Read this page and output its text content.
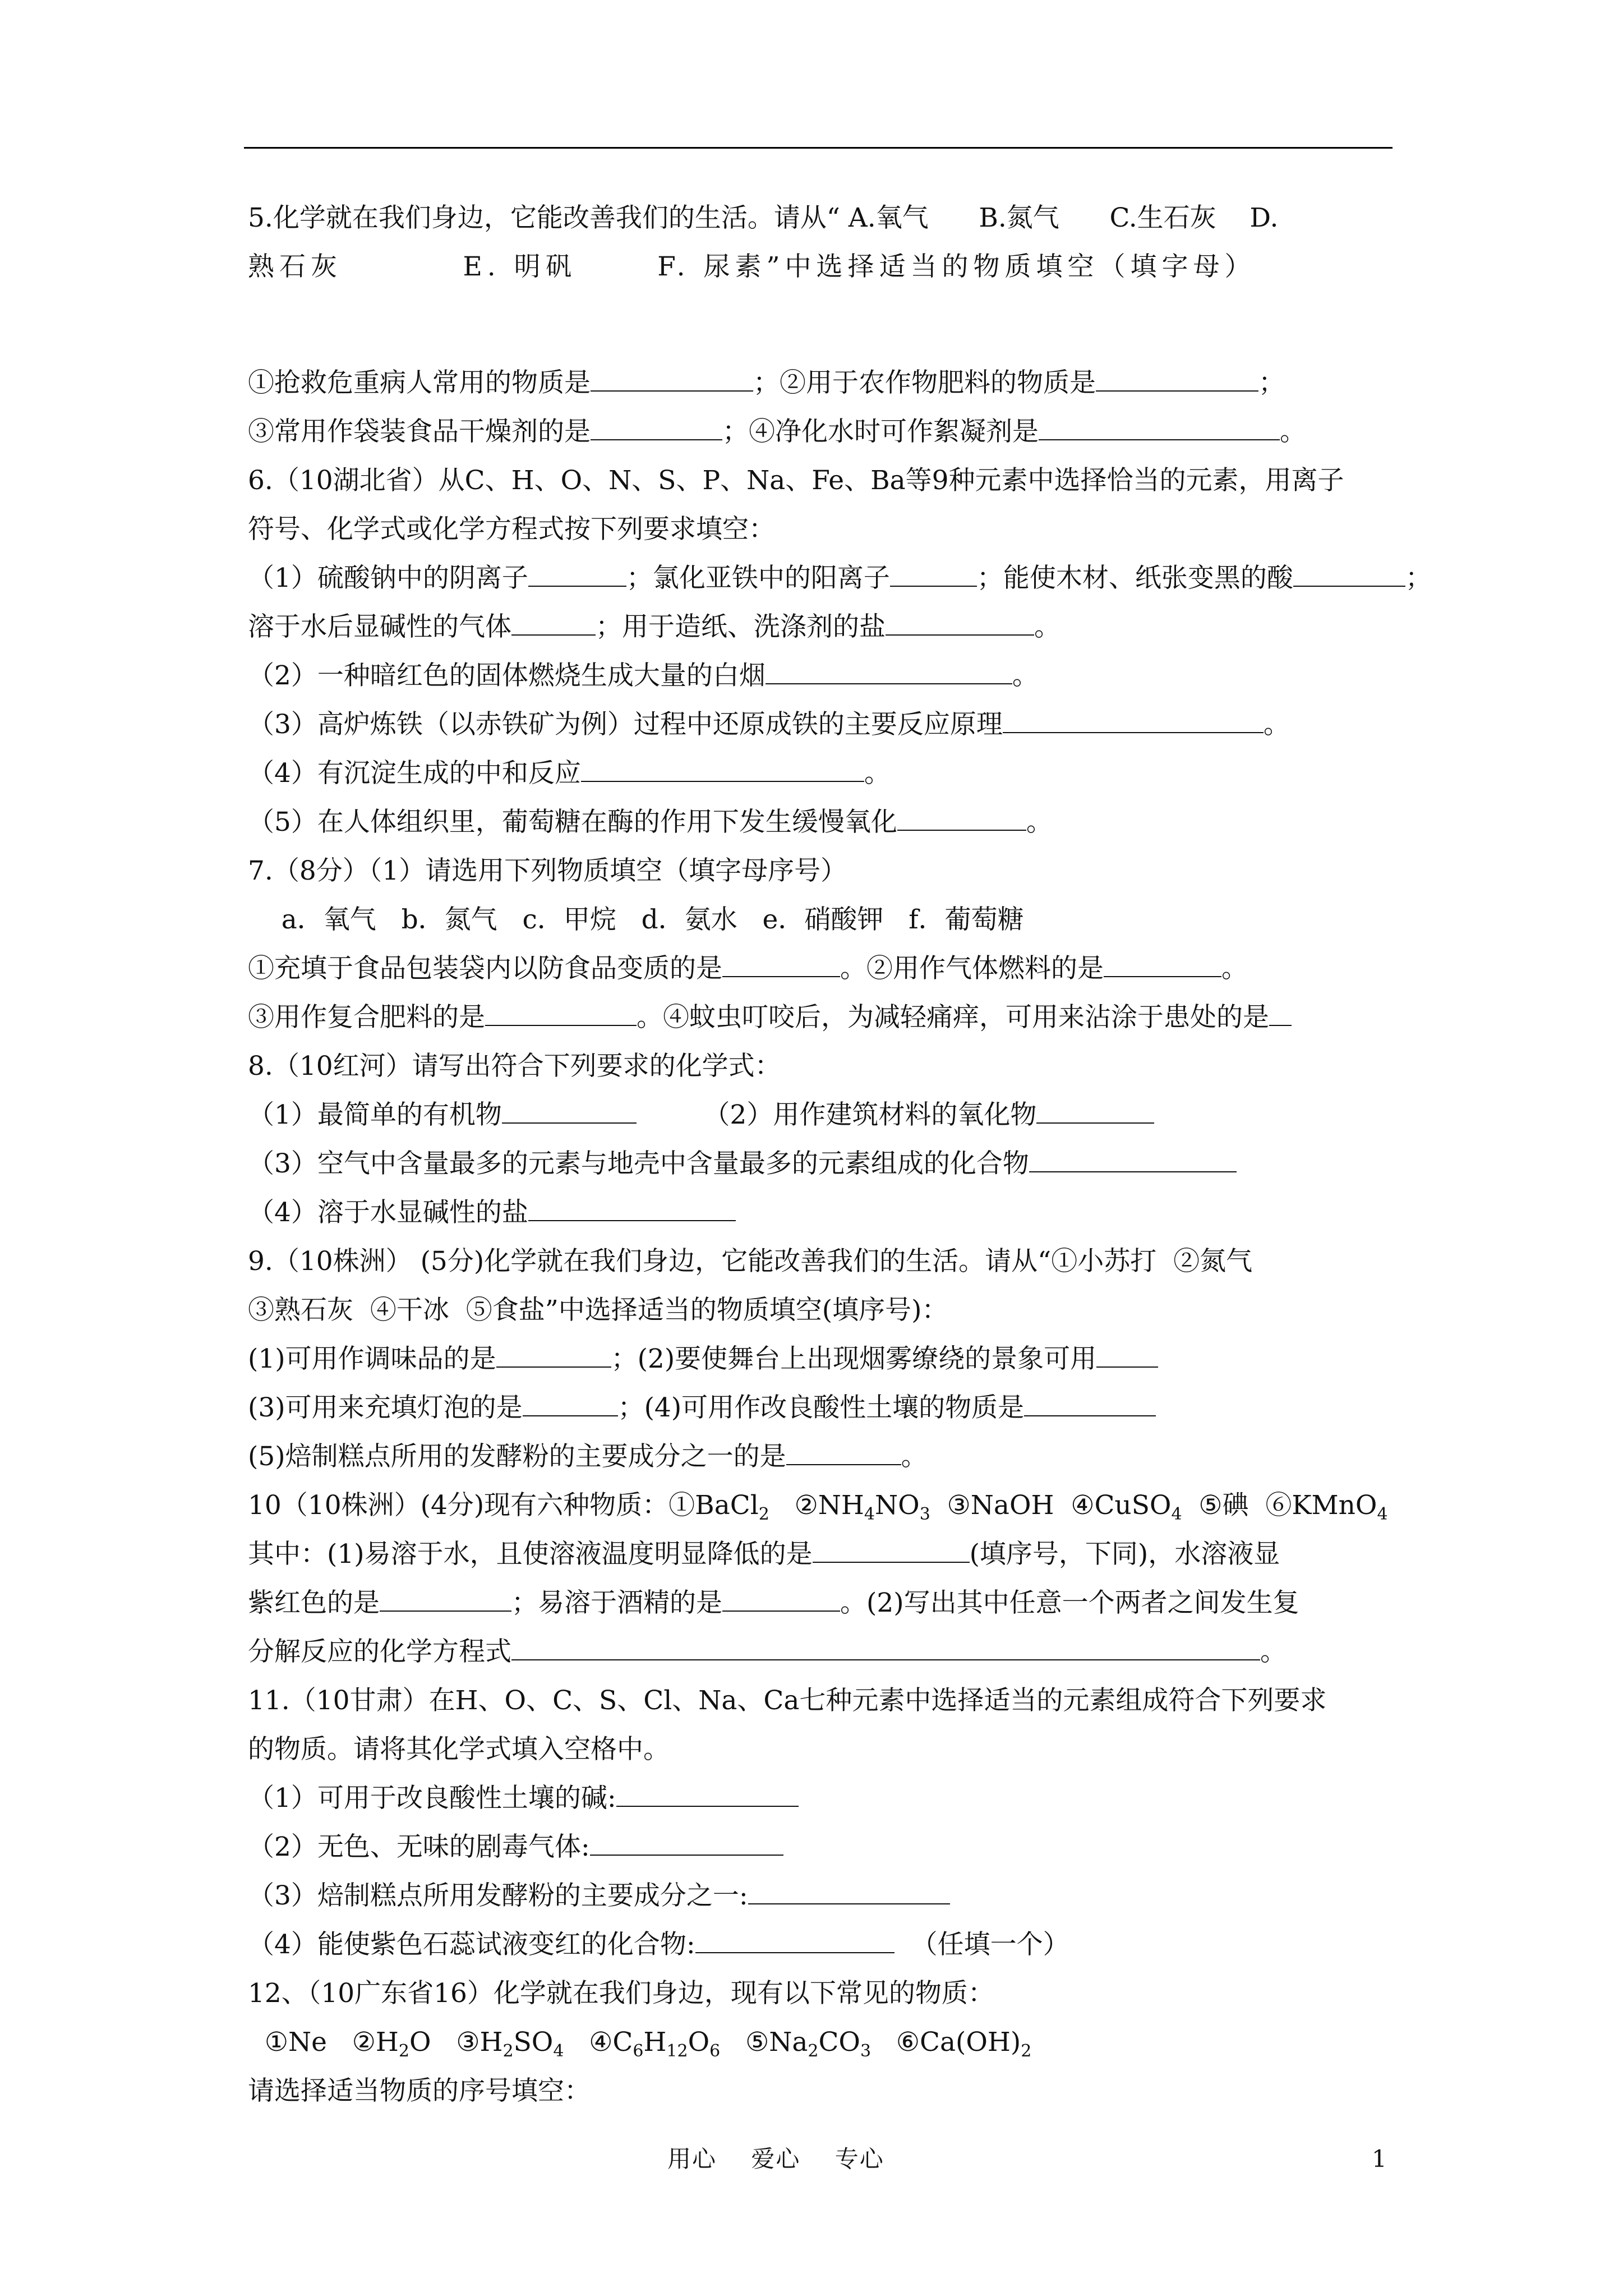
5.化学就在我们身边，它能改善我们的生活。请从“ A.氧气      B.氮气      C.生石灰    D.
熟石灰         E. 明矾      F. 尿素”中选择适当的物质填空（填字母）
①抢救危重病人常用的物质是	；②用于农作物肥料的物质是	；
③常用作袋装食品干燥剂的是	；④净化水时可作絮凝剂是	。
6.（10湖北省）从C、H、O、N、S、P、Na、Fe、Ba等9种元素中选择恰当的元素，用离子
符号、化学式或化学方程式按下列要求填空：
（1）硫酸钠中的阴离子	；氯化亚铁中的阳离子	；能使木材、纸张变黑的酸	；
溶于水后显碱性的气体	；用于造纸、洗涤剂的盐	。
（2）一种暗红色的固体燃烧生成大量的白烟	。
（3）高炉炼铁（以赤铁矿为例）过程中还原成铁的主要反应原理	。
（4）有沉淀生成的中和反应	。
（5）在人体组织里，葡萄糖在酶的作用下发生缓慢氧化	。
7.（8分）（1）请选用下列物质填空（填字母序号）
a．氧气   b．氮气   c．甲烷   d．氨水   e．硝酸钾   f．葡萄糖
①充填于食品包装袋内以防食品变质的是	。②用作气体燃料的是	。
③用作复合肥料的是	。④蚊虫叮咬后，为减轻痛痒，可用来沾涂于患处的是
8.（10红河）请写出符合下列要求的化学式：
（1）最简单的有机物	（2）用作建筑材料的氧化物
（3）空气中含量最多的元素与地壳中含量最多的元素组成的化合物
（4）溶于水显碱性的盐
9.（10株洲） (5分)化学就在我们身边，它能改善我们的生活。请从“①小苏打  ②氮气
③熟石灰  ④干冰  ⑤食盐”中选择适当的物质填空(填序号)：
(1)可用作调味品的是	；(2)要使舞台上出现烟雾缭绕的景象可用
(3)可用来充填灯泡的是	；(4)可用作改良酸性土壤的物质是
(5)焙制糕点所用的发酵粉的主要成分之一的是	。
10（10株洲）(4分)现有六种物质：①BaCl$_2$   $②NH_4NO_3$  ③NaOH  ④CuSO$_4$  ⑤碘  ⑥KMnO$_4$
其中：(1)易溶于水，且使溶液温度明显降低的是	(填序号，下同)，水溶液显
紫红色的是	；易溶于酒精的是	。(2)写出其中任意一个两者之间发生复
分解反应的化学方程式	。
11.（10甘肃）在H、O、C、S、Cl、Na、Ca七种元素中选择适当的元素组成符合下列要求
的物质。请将其化学式填入空格中。
（1）可用于改良酸性土壤的碱:
（2）无色、无味的剧毒气体:
（3）焙制糕点所用发酵粉的主要成分之一:
（4）能使紫色石蕊试液变红的化合物:	（任填一个）
12、（10广东省16）化学就在我们身边，现有以下常见的物质：
①Ne   $②H_2O$   $③H_2SO_4$   $④C_6H_{12}O_6$   $⑤Na_2CO_3$   $⑥Ca(OH)_2$
请选择适当物质的序号填空：
用心    爱心    专心	1
